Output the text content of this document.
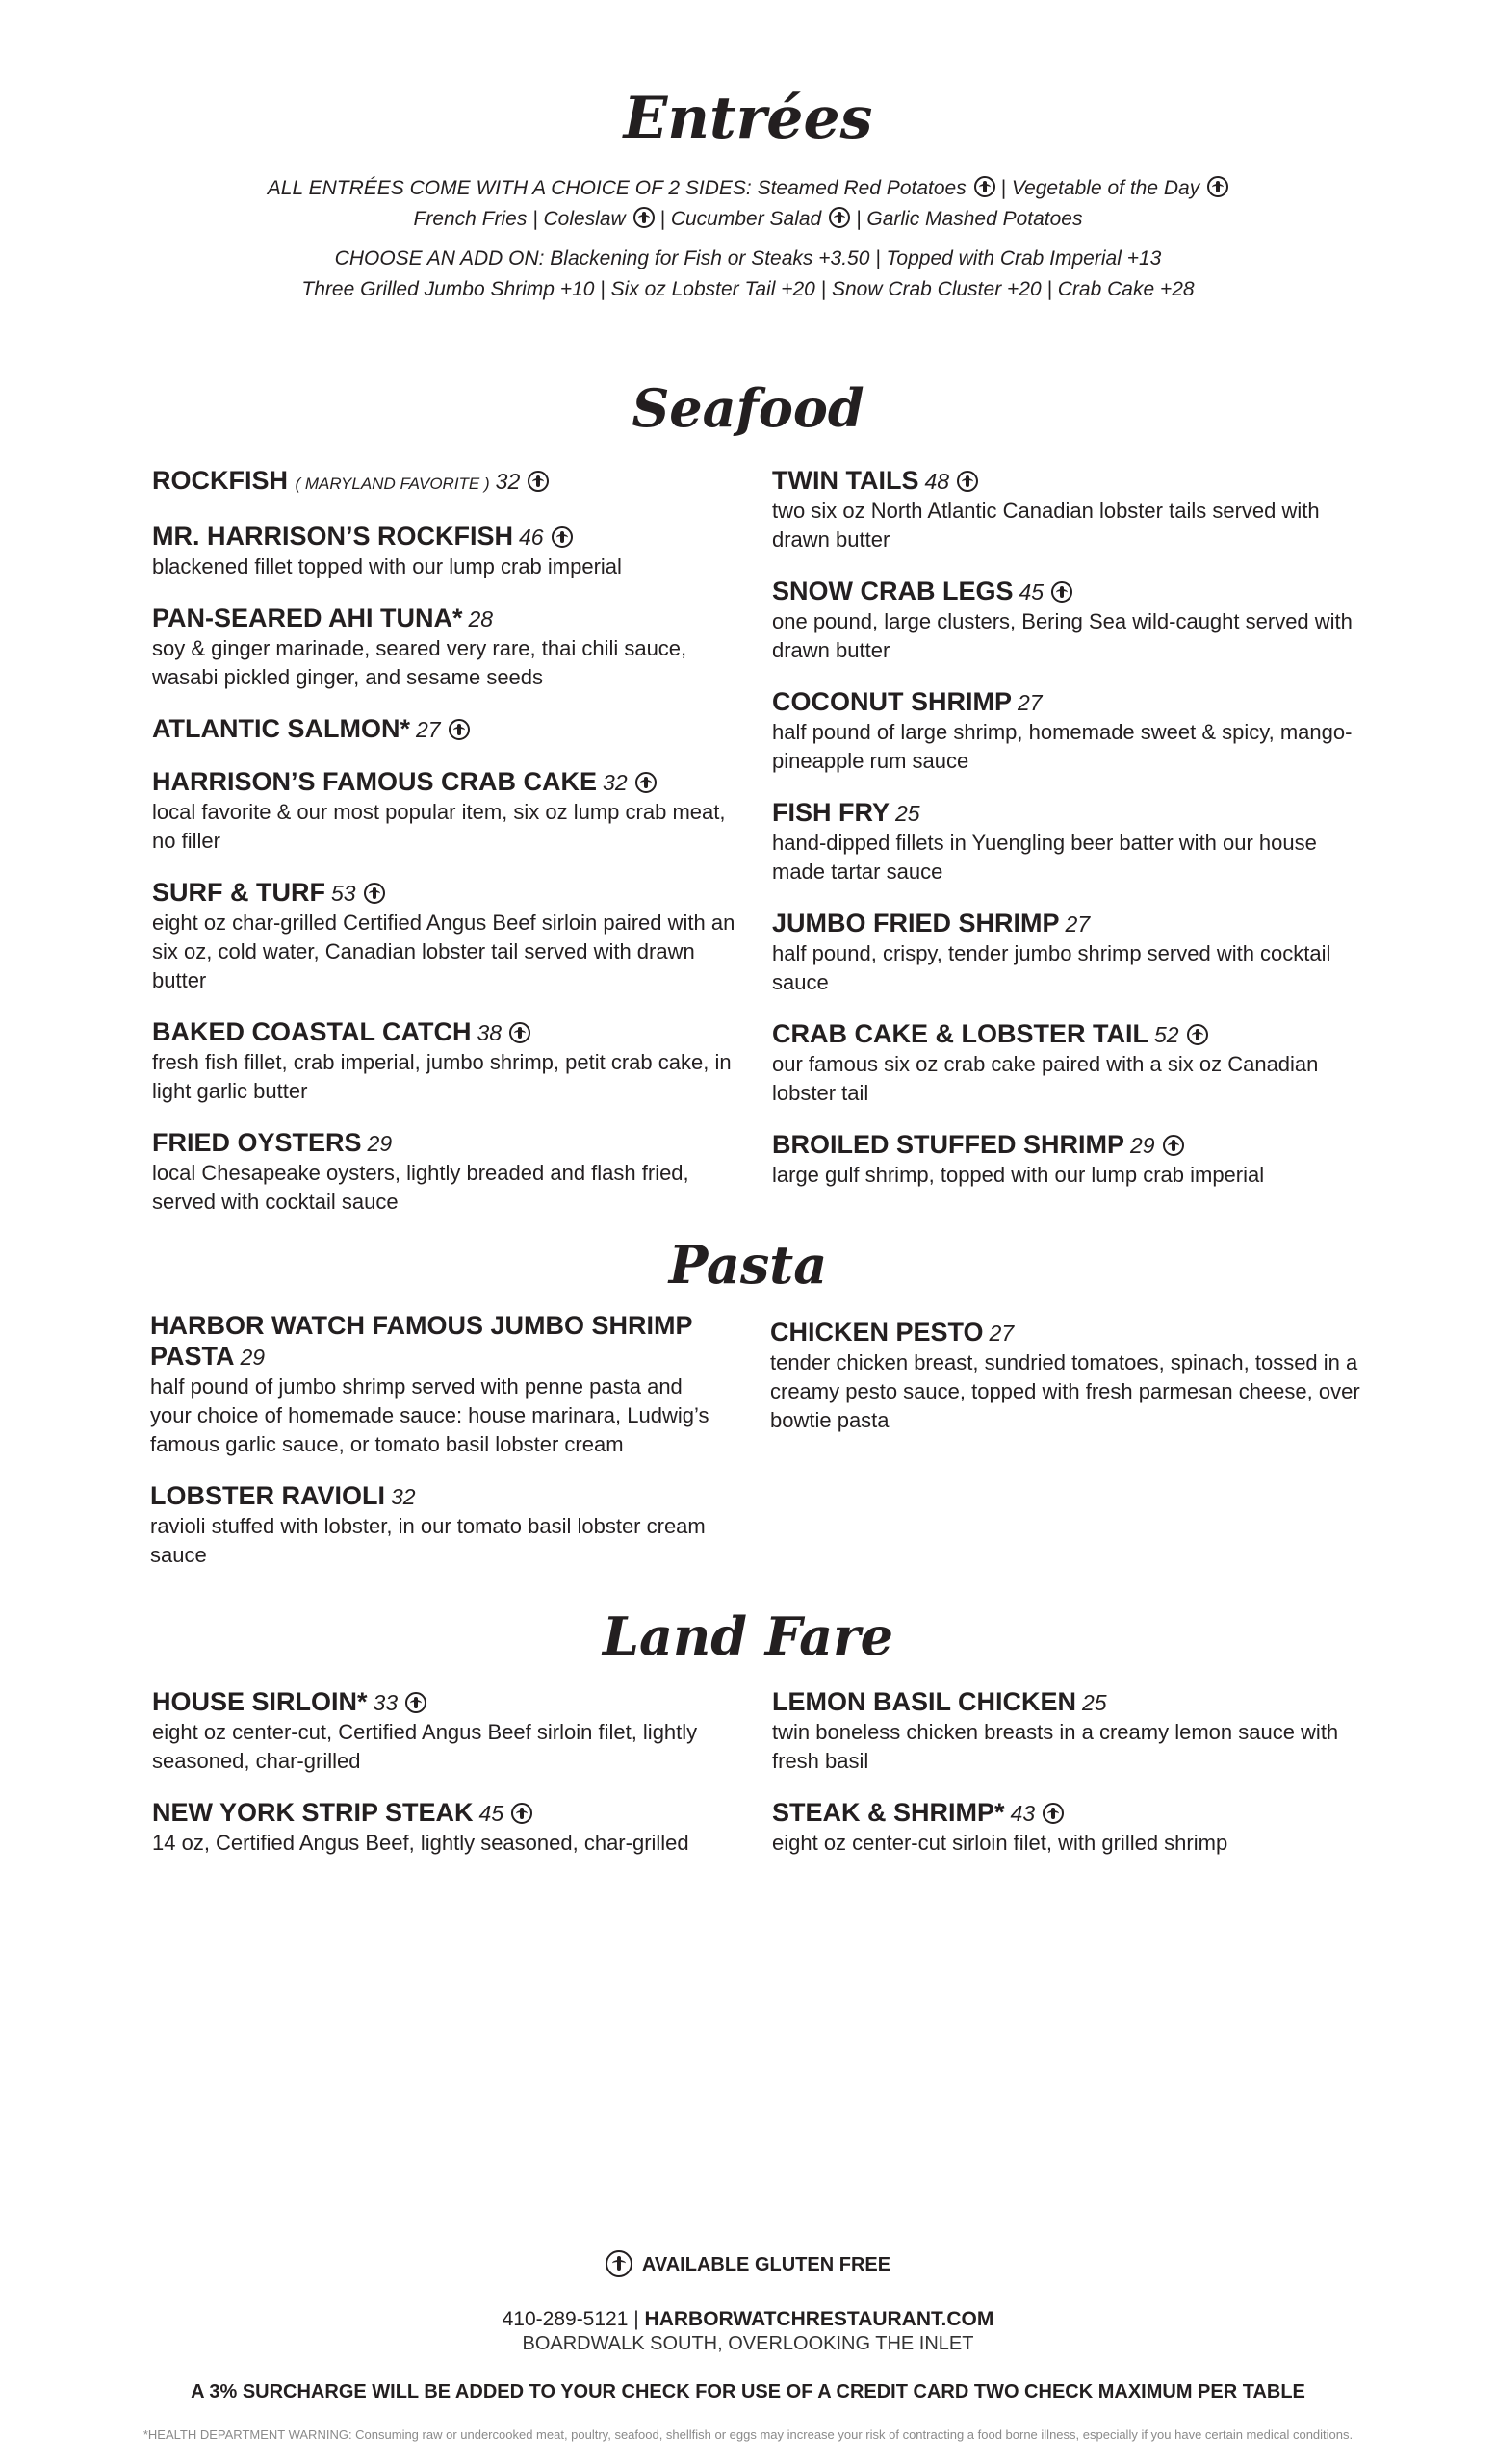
Entrées

ALL ENTRÉES COME WITH A CHOICE OF 2 SIDES: Steamed Red Potatoes | Vegetable of the Day

French Fries | Coleslaw | Cucumber Salad | Garlic Mashed Potatoes

CHOOSE AN ADD ON: Blackening for Fish or Steaks +3.50 | Topped with Crab Imperial +13

Three Grilled Jumbo Shrimp +10 | Six oz Lobster Tail +20 | Snow Crab Cluster +20 | Crab Cake +28

Seafood
ROCKFISH ( MARYLAND FAVORITE ) 32
MR. HARRISON’S ROCKFISH 46
blackened fillet topped with our lump crab imperial
PAN-SEARED AHI TUNA* 28
soy & ginger marinade, seared very rare, thai chili sauce, wasabi pickled ginger, and sesame seeds
ATLANTIC SALMON* 27
HARRISON’S FAMOUS CRAB CAKE 32
local favorite & our most popular item, six oz lump crab meat, no filler
SURF & TURF 53
eight oz char-grilled Certified Angus Beef sirloin paired with an six oz, cold water, Canadian lobster tail served with drawn butter
BAKED COASTAL CATCH 38
fresh fish fillet, crab imperial, jumbo shrimp, petit crab cake, in light garlic butter
FRIED OYSTERS 29
local Chesapeake oysters, lightly breaded and flash fried, served with cocktail sauce
TWIN TAILS 48
two six oz North Atlantic Canadian lobster tails served with drawn butter
SNOW CRAB LEGS 45
one pound, large clusters, Bering Sea wild-caught served with drawn butter
COCONUT SHRIMP 27
half pound of large shrimp, homemade sweet & spicy, mango-pineapple rum sauce
FISH FRY 25
hand-dipped fillets in Yuengling beer batter with our house made tartar sauce
JUMBO FRIED SHRIMP 27
half pound, crispy, tender jumbo shrimp served with cocktail sauce
CRAB CAKE & LOBSTER TAIL 52
our famous six oz crab cake paired with a six oz Canadian lobster tail
BROILED STUFFED SHRIMP 29
large gulf shrimp, topped with our lump crab imperial
Pasta
HARBOR WATCH FAMOUS JUMBO SHRIMP PASTA 29
half pound of jumbo shrimp served with penne pasta and your choice of homemade sauce: house marinara, Ludwig’s famous garlic sauce, or tomato basil lobster cream
LOBSTER RAVIOLI 32
ravioli stuffed with lobster, in our tomato basil lobster cream sauce
CHICKEN PESTO 27
tender chicken breast, sundried tomatoes, spinach, tossed in a creamy pesto sauce, topped with fresh parmesan cheese, over bowtie pasta
Land Fare
HOUSE SIRLOIN* 33
eight oz center-cut, Certified Angus Beef sirloin filet, lightly seasoned, char-grilled
NEW YORK STRIP STEAK 45
14 oz, Certified Angus Beef, lightly seasoned, char-grilled
LEMON BASIL CHICKEN 25
twin boneless chicken breasts in a creamy lemon sauce with fresh basil
STEAK & SHRIMP* 43
eight oz center-cut sirloin filet, with grilled shrimp
AVAILABLE GLUTEN FREE
410-289-5121 | HARBORWATCHRESTAURANT.COM
BOARDWALK SOUTH, OVERLOOKING THE INLET
A 3% SURCHARGE WILL BE ADDED TO YOUR CHECK FOR USE OF A CREDIT CARD TWO CHECK MAXIMUM PER TABLE
*HEALTH DEPARTMENT WARNING: Consuming raw or undercooked meat, poultry, seafood, shellfish or eggs may increase your risk of contracting a food borne illness, especially if you have certain medical conditions.
